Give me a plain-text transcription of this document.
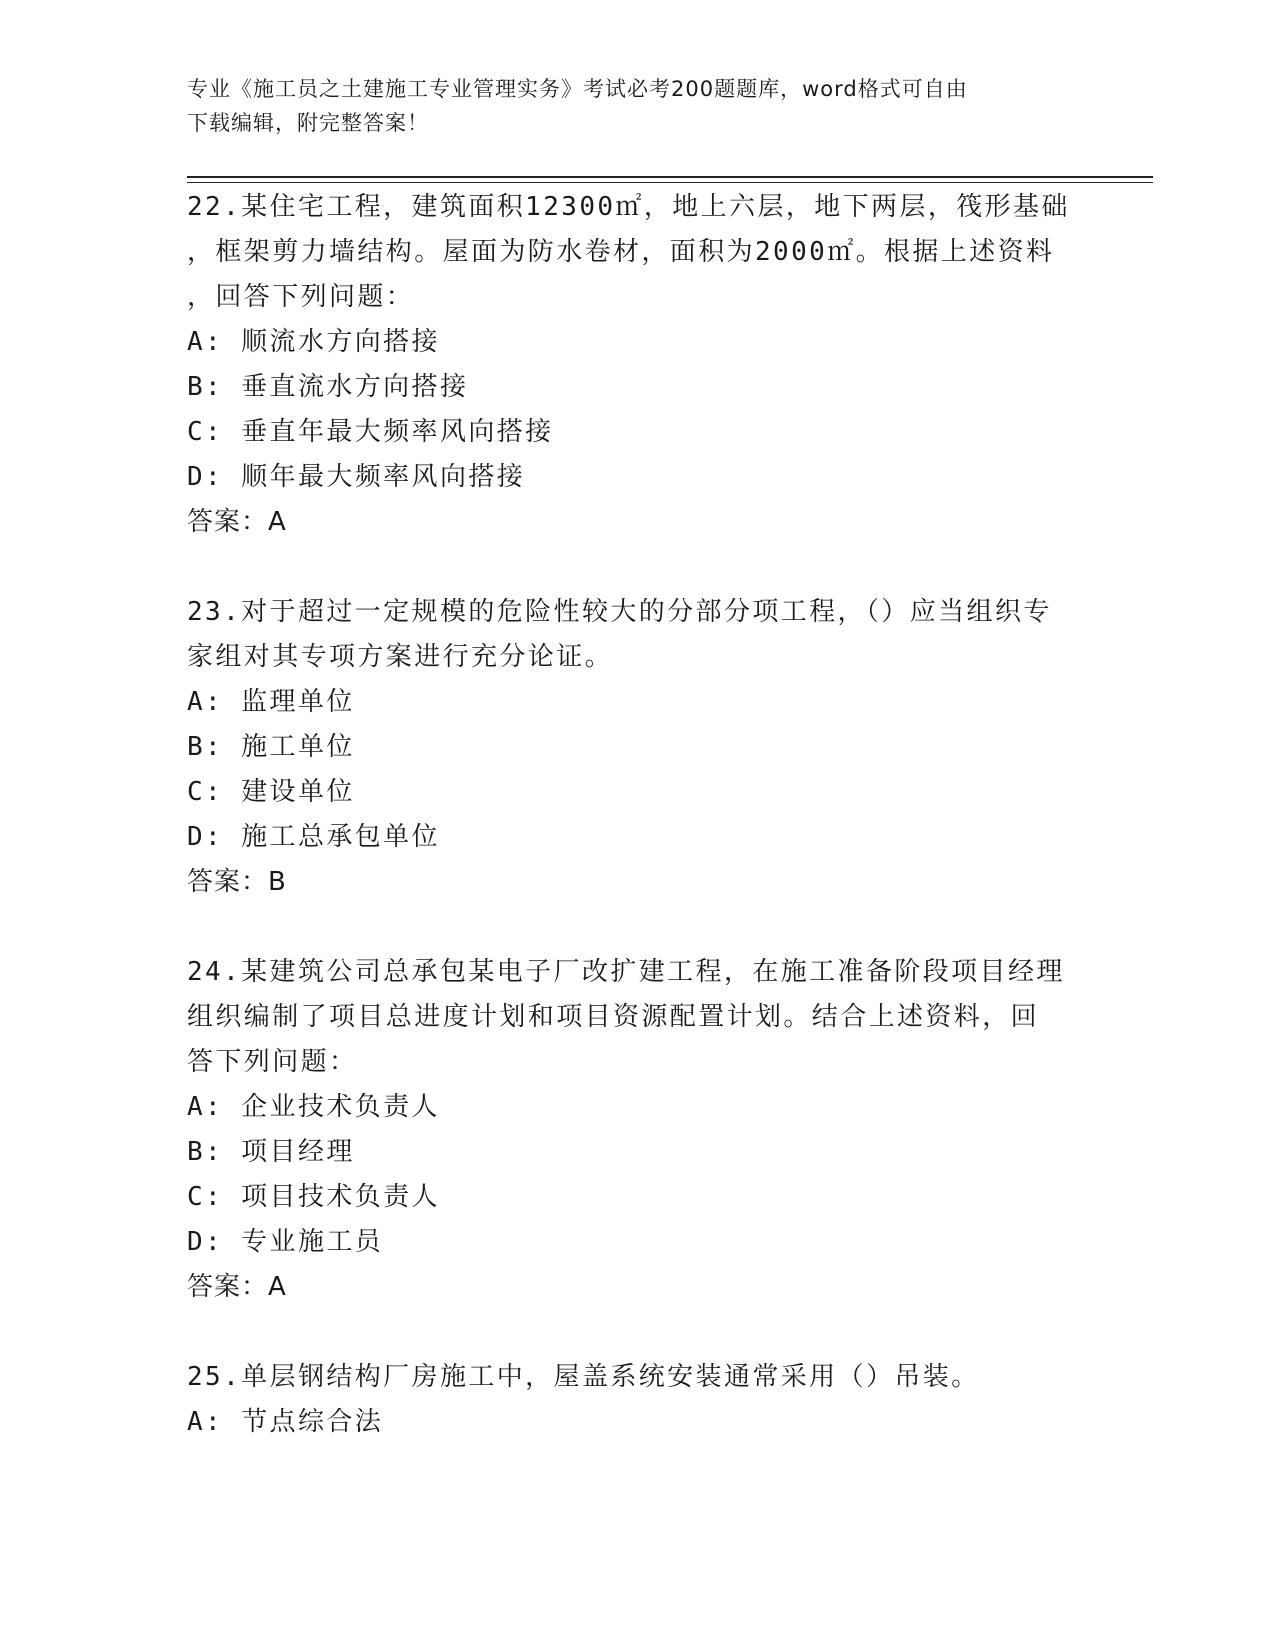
专业《施工员之土建施工专业管理实务》考试必考200题题库，word格式可自由
下载编辑，附完整答案！

22.某住宅工程，建筑面积12300㎡，地上六层，地下两层，筏形基础

，框架剪力墙结构。屋面为防水卷材，面积为2000㎡。根据上述资料

，回答下列问题：

A: 顺流水方向搭接

B: 垂直流水方向搭接

C: 垂直年最大频率风向搭接

D: 顺年最大频率风向搭接

答案：A

23.对于超过一定规模的危险性较大的分部分项工程，（）应当组织专

家组对其专项方案进行充分论证。

A: 监理单位

B: 施工单位

C: 建设单位

D: 施工总承包单位

答案：B

24.某建筑公司总承包某电子厂改扩建工程，在施工准备阶段项目经理

组织编制了项目总进度计划和项目资源配置计划。结合上述资料，回

答下列问题：

A: 企业技术负责人

B: 项目经理

C: 项目技术负责人

D: 专业施工员

答案：A

25.单层钢结构厂房施工中，屋盖系统安装通常采用（）吊装。

A: 节点综合法
